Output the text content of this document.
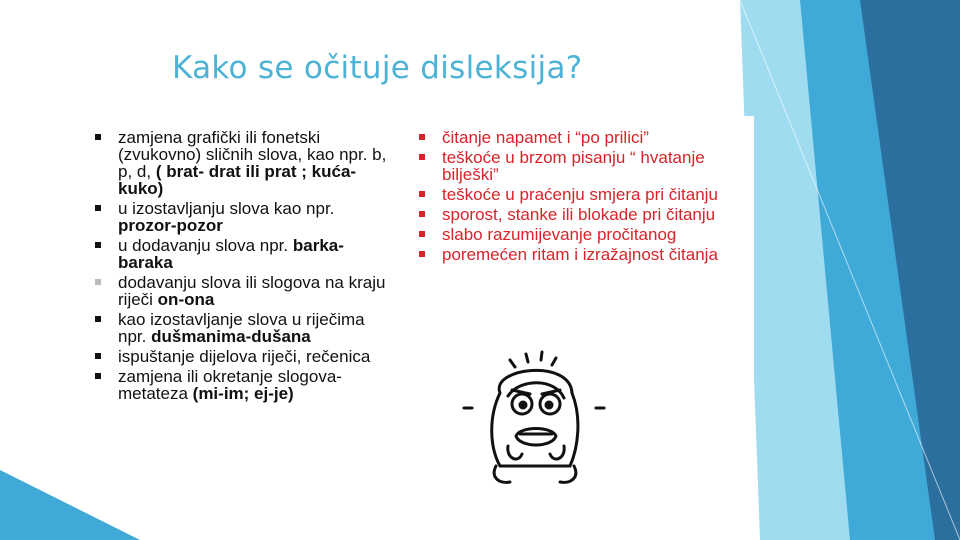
Kako se očituje disleksija?
zamjena grafički ili fonetski (zvukovno) sličnih slova, kao npr. b, p, d, ( brat- drat ili prat ; kuća-kuko)
u izostavljanju slova kao npr. prozor-pozor
u dodavanju slova npr. barka-baraka
dodavanju slova ili slogova na kraju riječi on-ona
kao izostavljanje slova u riječima npr. dušmanima-dušana
ispuštanje dijelova riječi, rečenica
zamjena ili okretanje slogova-metateza (mi-im; ej-je)
čitanje napamet i “po prilici”
teškoće u brzom pisanju “ hvatanje bilješki”
teškoće u praćenju smjera pri čitanju
sporost, stanke ili blokade pri čitanju
slabo razumijevanje pročitanog
poremećen ritam i izražajnost čitanja
